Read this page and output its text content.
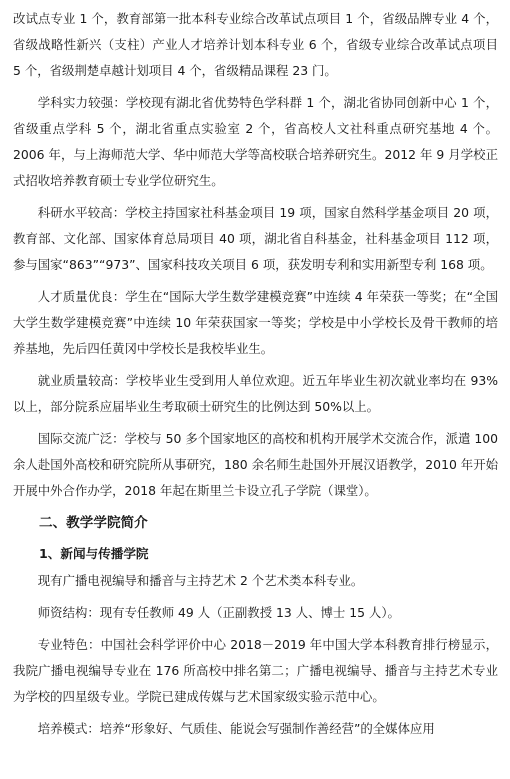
改试点专业 1 个，教育部第一批本科专业综合改革试点项目 1 个，省级品牌专业 4 个，省级战略性新兴（支柱）产业人才培养计划本科专业 6 个，省级专业综合改革试点项目 5 个，省级荆楚卓越计划项目 4 个，省级精品课程 23 门。

学科实力较强：学校现有湖北省优势特色学科群 1 个，湖北省协同创新中心 1 个，省级重点学科 5 个，湖北省重点实验室 2 个，省高校人文社科重点研究基地 4 个。2006 年，与上海师范大学、华中师范大学等高校联合培养研究生。2012 年 9 月学校正式招收培养教育硕士专业学位研究生。

科研水平较高：学校主持国家社科基金项目 19 项，国家自然科学基金项目 20 项，教育部、文化部、国家体育总局项目 40 项，湖北省自科基金，社科基金项目 112 项，参与国家“863”“973”、国家科技攻关项目 6 项，获发明专利和实用新型专利 168 项。

人才质量优良：学生在“国际大学生数学建模竞赛”中连续 4 年荣获一等奖；在“全国大学生数学建模竞赛”中连续 10 年荣获国家一等奖；学校是中小学校长及骨干教师的培养基地，先后四任黄冈中学校长是我校毕业生。

就业质量较高：学校毕业生受到用人单位欢迎。近五年毕业生初次就业率均在 93%以上，部分院系应届毕业生考取硕士研究生的比例达到 50%以上。

国际交流广泛：学校与 50 多个国家地区的高校和机构开展学术交流合作，派遣 100 余人赴国外高校和研究院所从事研究，180 余名师生赴国外开展汉语教学，2010 年开始开展中外合作办学，2018 年起在斯里兰卡设立孔子学院（课堂）。

二、教学学院简介
1、新闻与传播学院

现有广播电视编导和播音与主持艺术 2 个艺术类本科专业。

师资结构：现有专任教师 49 人（正副教授 13 人、博士 15 人）。

专业特色：中国社会科学评价中心 2018－2019 年中国大学本科教育排行榜显示，我院广播电视编导专业在 176 所高校中排名第二；广播电视编导、播音与主持艺术专业为学校的四星级专业。学院已建成传媒与艺术国家级实验示范中心。

培养模式：培养“形象好、气质佳、能说会写强制作善经营”的全媒体应用
